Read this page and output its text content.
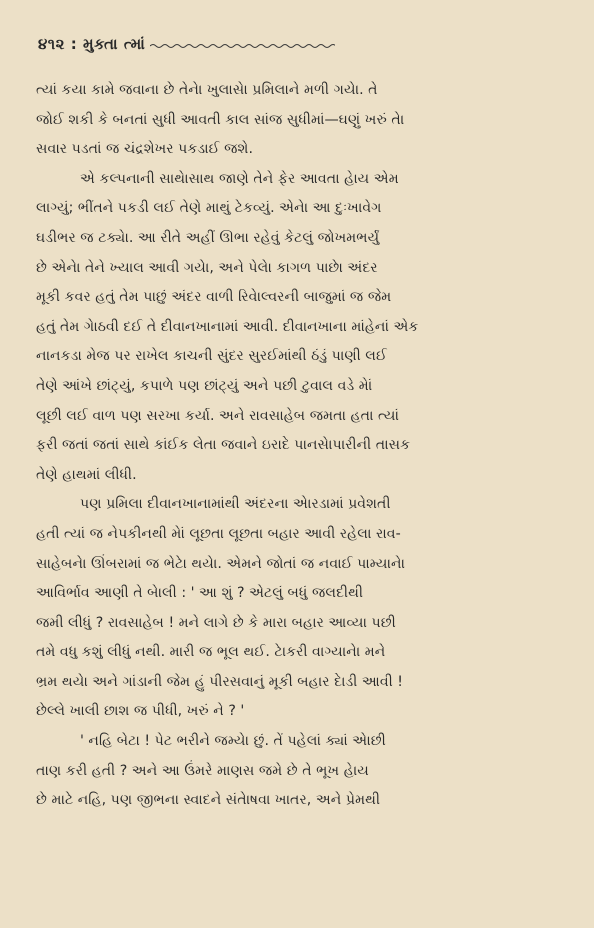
૪૧૨ : મુક્તા ત્માં

ત્યાં કયા કામે જવાના છે તેનેા ખુલાસેા પ્રમિલાને મળી ગયેા. તે
જોઈ શકી કે બનતાં સુધી આવતી કાલ સાંજ સુધીમાં—ઘણું ખરું તેા
સવાર પડતાં જ ચંદ્રશેખર પકડાઈ જશે.

એ કલ્પનાની સાથેાસાથ જાણે તેને ફેર આવતા હેાય એમ
લાગ્યું; ભીંતને પકડી લઈ તેણે માથું ટેકવ્યું. એનેા આ દુઃખાવેગ
ઘડીભર જ ટક્યેા. આ રીતે અહીં ઊભા રહેવું કેટલું જોખમભર્યું
છે એનેા તેને ખ્યાલ આવી ગયેા, અને પેલેા કાગળ પાછેા અંદર
મૂકી કવર હતું તેમ પાછું અંદર વાળી રિવેાલ્વરની બાજુમાં જ જેમ
હતું તેમ ગેાઠવી દઈ તે દીવાનખાનામાં આવી. દીવાનખાના માંહેનાં એક
નાનકડા મેજ પર રાખેલ કાચની સુંદર સુરઈમાંથી ઠંડું પાણી લઈ
તેણે આંખે છાંટ્યું, કપાળે પણ છાંટ્યું અને પછી ટુવાલ વડે મેાં
લૂછી લઈ વાળ પણ સરખા કર્યા. અને રાવસાહેબ જમતા હતા ત્યાં
ફરી જતાં જતાં સાથે કાંઈક લેતા જવાને ઇરાદે પાનસેાપારીની તાસક
તેણે હાથમાં લીધી.

પણ પ્રમિલા દીવાનખાનામાંથી અંદરના એારડામાં પ્રવેશતી
હતી ત્યાં જ નેપકીનથી મેાં લૂછતા લૂછતા બહાર આવી રહેલા રાવ-
સાહેબનેા ઊંબરામાં જ ભેટેા થયેા. એમને જોતાં જ નવાઈ પામ્યાનેા
આવિર્ભાવ આણી તે બેાલી : ' આ શું ? એટલું બધું જલદીથી
જમી લીધું ? રાવસાહેબ ! મને લાગે છે કે મારા બહાર આવ્યા પછી
તમે વધુ કશું લીધું નથી. મારી જ ભૂલ થઈ. ટેાકરી વાગ્યાનેા મને
ભ્રમ થયેા અને ગાંડાની જેમ હું પીરસવાનું મૂકી બહાર દેાડી આવી !
છેલ્લે ખાલી છાશ જ પીધી, ખરું ને ? '

' નહિ બેટા ! પેટ ભરીને જમ્યેા છું. તેં પહેલાં ક્યાં એાછી
તાણ કરી હતી ? અને આ ઉંમરે માણસ જમે છે તે ભૂખ હેાય
છે માટે નહિ, પણ જીભના સ્વાદને સંતેાષવા ખાતર, અને પ્રેમથી
